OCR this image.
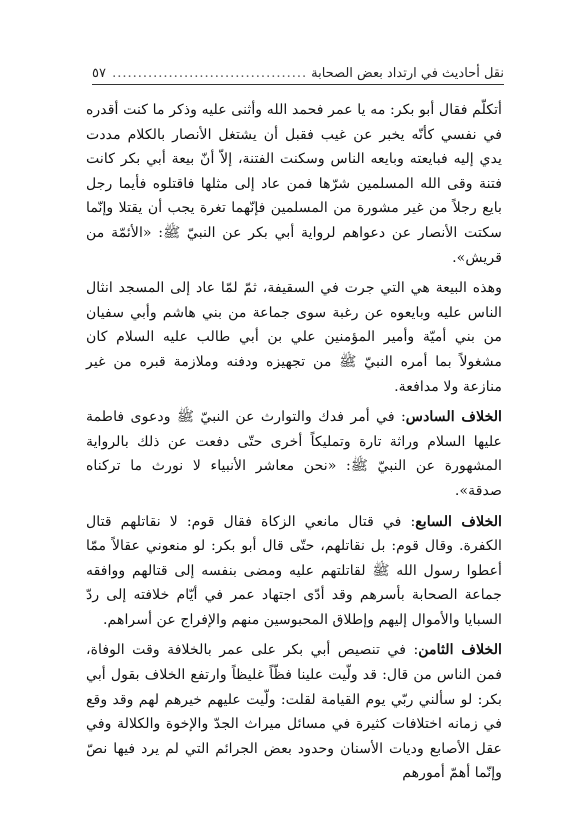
نقل أحاديث في ارتداد بعض الصحابة
.....
٥٧

أتكلّم فقال أبو بكر: مه يا عمر فحمد الله وأثنى عليه وذكر ما كنت أقدره في نفسي كأنّه يخبر عن غيب فقبل أن يشتغل الأنصار بالكلام مددت يدي إليه فبايعته وبايعه الناس وسكنت الفتنة، إلاّ أنّ بيعة أبي بكر كانت فتنة وقى الله المسلمين شرّها فمن عاد إلى مثلها فاقتلوه فأيما رجل بايع رجلاً من غير مشورة من المسلمين فإنّهما تغرة يجب أن يقتلا وإنّما سكتت الأنصار عن دعواهم لرواية أبي بكر عن النبيّ ﷺ: «الأئمّة من قريش».

وهذه البيعة هي التي جرت في السقيفة، ثمّ لمّا عاد إلى المسجد انثال الناس عليه وبايعوه عن رغبة سوى جماعة من بني هاشم وأبي سفيان من بني أميّة وأمير المؤمنين علي بن أبي طالب عليه السلام كان مشغولاً بما أمره النبيّ ﷺ من تجهيزه ودفنه وملازمة قبره من غير منازعة ولا مدافعة.

الخلاف السادس: في أمر فدك والتوارث عن النبيّ ﷺ ودعوى فاطمة عليها السلام وراثة تارة وتمليكاً أخرى حتّى دفعت عن ذلك بالرواية المشهورة عن النبيّ ﷺ: «نحن معاشر الأنبياء لا نورث ما تركناه صدقة».

الخلاف السابع: في قتال مانعي الزكاة فقال قوم: لا نقاتلهم قتال الكفرة. وقال قوم: بل نقاتلهم، حتّى قال أبو بكر: لو منعوني عقالاً ممّا أعطوا رسول الله ﷺ لقاتلتهم عليه ومضى بنفسه إلى قتالهم ووافقه جماعة الصحابة بأسرهم وقد أدّى اجتهاد عمر في أيّام خلافته إلى ردّ السبايا والأموال إليهم وإطلاق المحبوسين منهم والإفراج عن أسراهم.

الخلاف الثامن: في تنصيص أبي بكر على عمر بالخلافة وقت الوفاة، فمن الناس من قال: قد ولّيت علينا فظّاً غليظاً وارتفع الخلاف بقول أبي بكر: لو سألني ربّي يوم القيامة لقلت: ولّيت عليهم خيرهم لهم وقد وقع في زمانه اختلافات كثيرة في مسائل ميراث الجدّ والإخوة والكلالة وفي عقل الأصابع وديات الأسنان وحدود بعض الجرائم التي لم يرد فيها نصّ وإنّما أهمّ أمورهم
